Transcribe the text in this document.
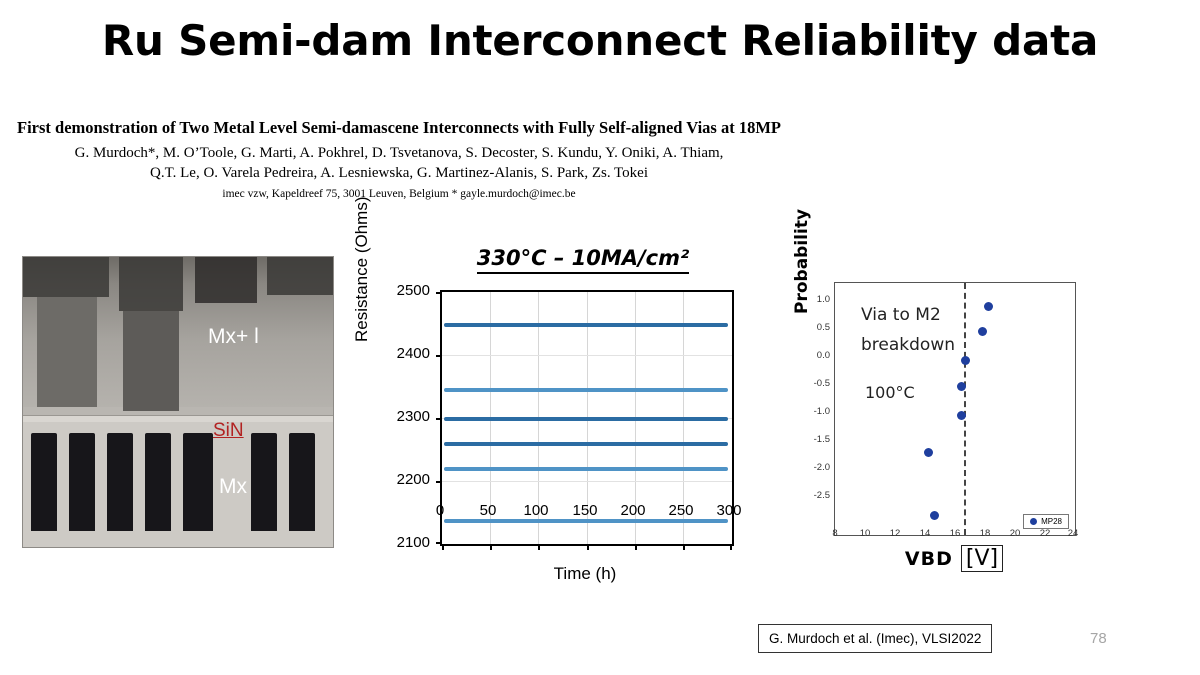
Ru Semi-dam Interconnect Reliability data
First demonstration of Two Metal Level Semi-damascene Interconnects with Fully Self-aligned Vias at 18MP
G. Murdoch*, M. O’Toole, G. Marti, A. Pokhrel, D. Tsvetanova, S. Decoster, S. Kundu, Y. Oniki, A. Thiam,
Q.T. Le, O. Varela Pedreira, A. Lesniewska, G. Martinez-Alanis, S. Park, Zs. Tokei
imec vzw, Kapeldreef 75, 3001 Leuven, Belgium * gayle.murdoch@imec.be
Mx+ l
SiN
Mx
330°C – 10MA/cm²
Resistance (Ohms)	2500
2400
2300
2200
2100
0	50	100	150	200	250	300
Time (h)
Probability 1.0
0.5
0.0
-0.5
-1.0
-1.5
-2.0
-2.5
Via to M2
breakdown
100°C
MP28
8	10	12	14	16	18	20	22	24
VBD [V]
G. Murdoch et al. (Imec), VLSI2022	78
